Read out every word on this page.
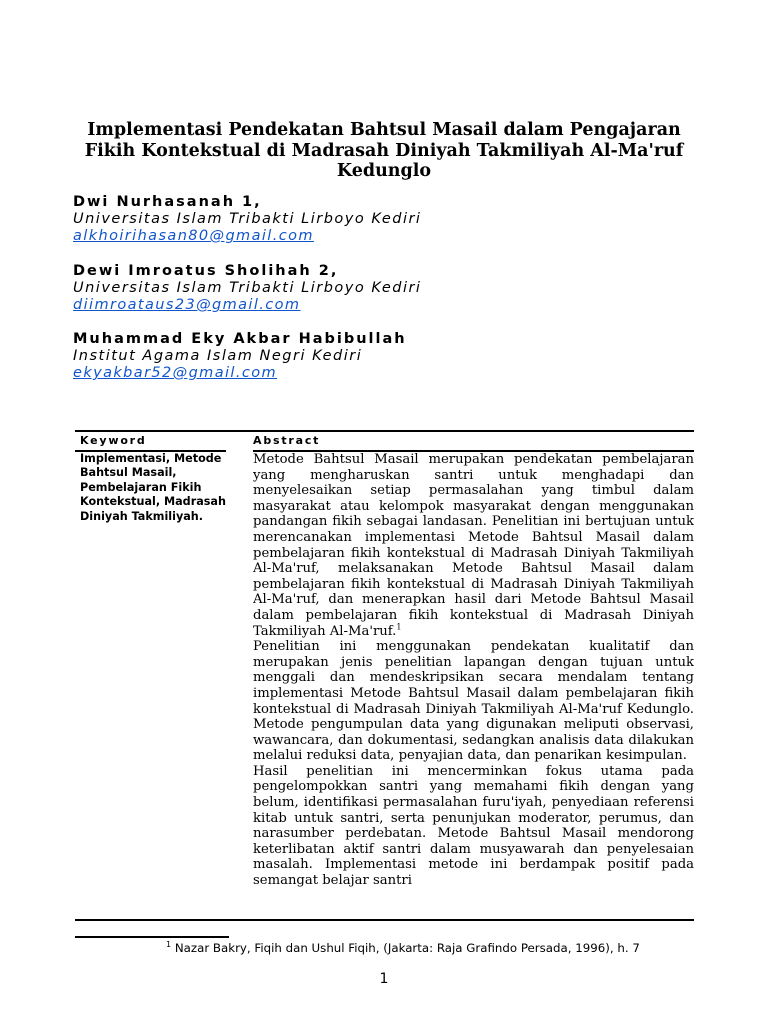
Implementasi Pendekatan Bahtsul Masail dalam Pengajaran Fikih Kontekstual di Madrasah Diniyah Takmiliyah Al-Ma'ruf Kedunglo
Dwi Nurhasanah 1,
Universitas Islam Tribakti Lirboyo Kediri
alkhoirihasan80@gmail.com
Dewi Imroatus Sholihah 2,
Universitas Islam Tribakti Lirboyo Kediri
diimroataus23@gmail.com
Muhammad Eky Akbar Habibullah
Institut Agama Islam Negri Kediri
ekyakbar52@gmail.com
Keyword	Abstract
Implementasi, Metode Bahtsul Masail, Pembelajaran Fikih Kontekstual, Madrasah Diniyah Takmiliyah.

Metode Bahtsul Masail merupakan pendekatan pembelajaran yang mengharuskan santri untuk menghadapi dan menyelesaikan setiap permasalahan yang timbul dalam masyarakat atau kelompok masyarakat dengan menggunakan pandangan fikih sebagai landasan. Penelitian ini bertujuan untuk merencanakan implementasi Metode Bahtsul Masail dalam pembelajaran fikih kontekstual di Madrasah Diniyah Takmiliyah Al-Ma'ruf, melaksanakan Metode Bahtsul Masail dalam pembelajaran fikih kontekstual di Madrasah Diniyah Takmiliyah Al-Ma'ruf, dan menerapkan hasil dari Metode Bahtsul Masail dalam pembelajaran fikih kontekstual di Madrasah Diniyah Takmiliyah Al-Ma'ruf.$^1$

Penelitian ini menggunakan pendekatan kualitatif dan merupakan jenis penelitian lapangan dengan tujuan untuk menggali dan mendeskripsikan secara mendalam tentang implementasi Metode Bahtsul Masail dalam pembelajaran fikih kontekstual di Madrasah Diniyah Takmiliyah Al-Ma'ruf Kedunglo. Metode pengumpulan data yang digunakan meliputi observasi, wawancara, dan dokumentasi, sedangkan analisis data dilakukan melalui reduksi data, penyajian data, dan penarikan kesimpulan.

Hasil penelitian ini mencerminkan fokus utama pada pengelompokkan santri yang memahami fikih dengan yang belum, identifikasi permasalahan furu'iyah, penyediaan referensi kitab untuk santri, serta penunjukan moderator, perumus, dan narasumber perdebatan. Metode Bahtsul Masail mendorong keterlibatan aktif santri dalam musyawarah dan penyelesaian masalah. Implementasi metode ini berdampak positif pada semangat belajar santri

$^1$ Nazar Bakry, Fiqih dan Ushul Fiqih, (Jakarta: Raja Grafindo Persada, 1996), h. 7
1
